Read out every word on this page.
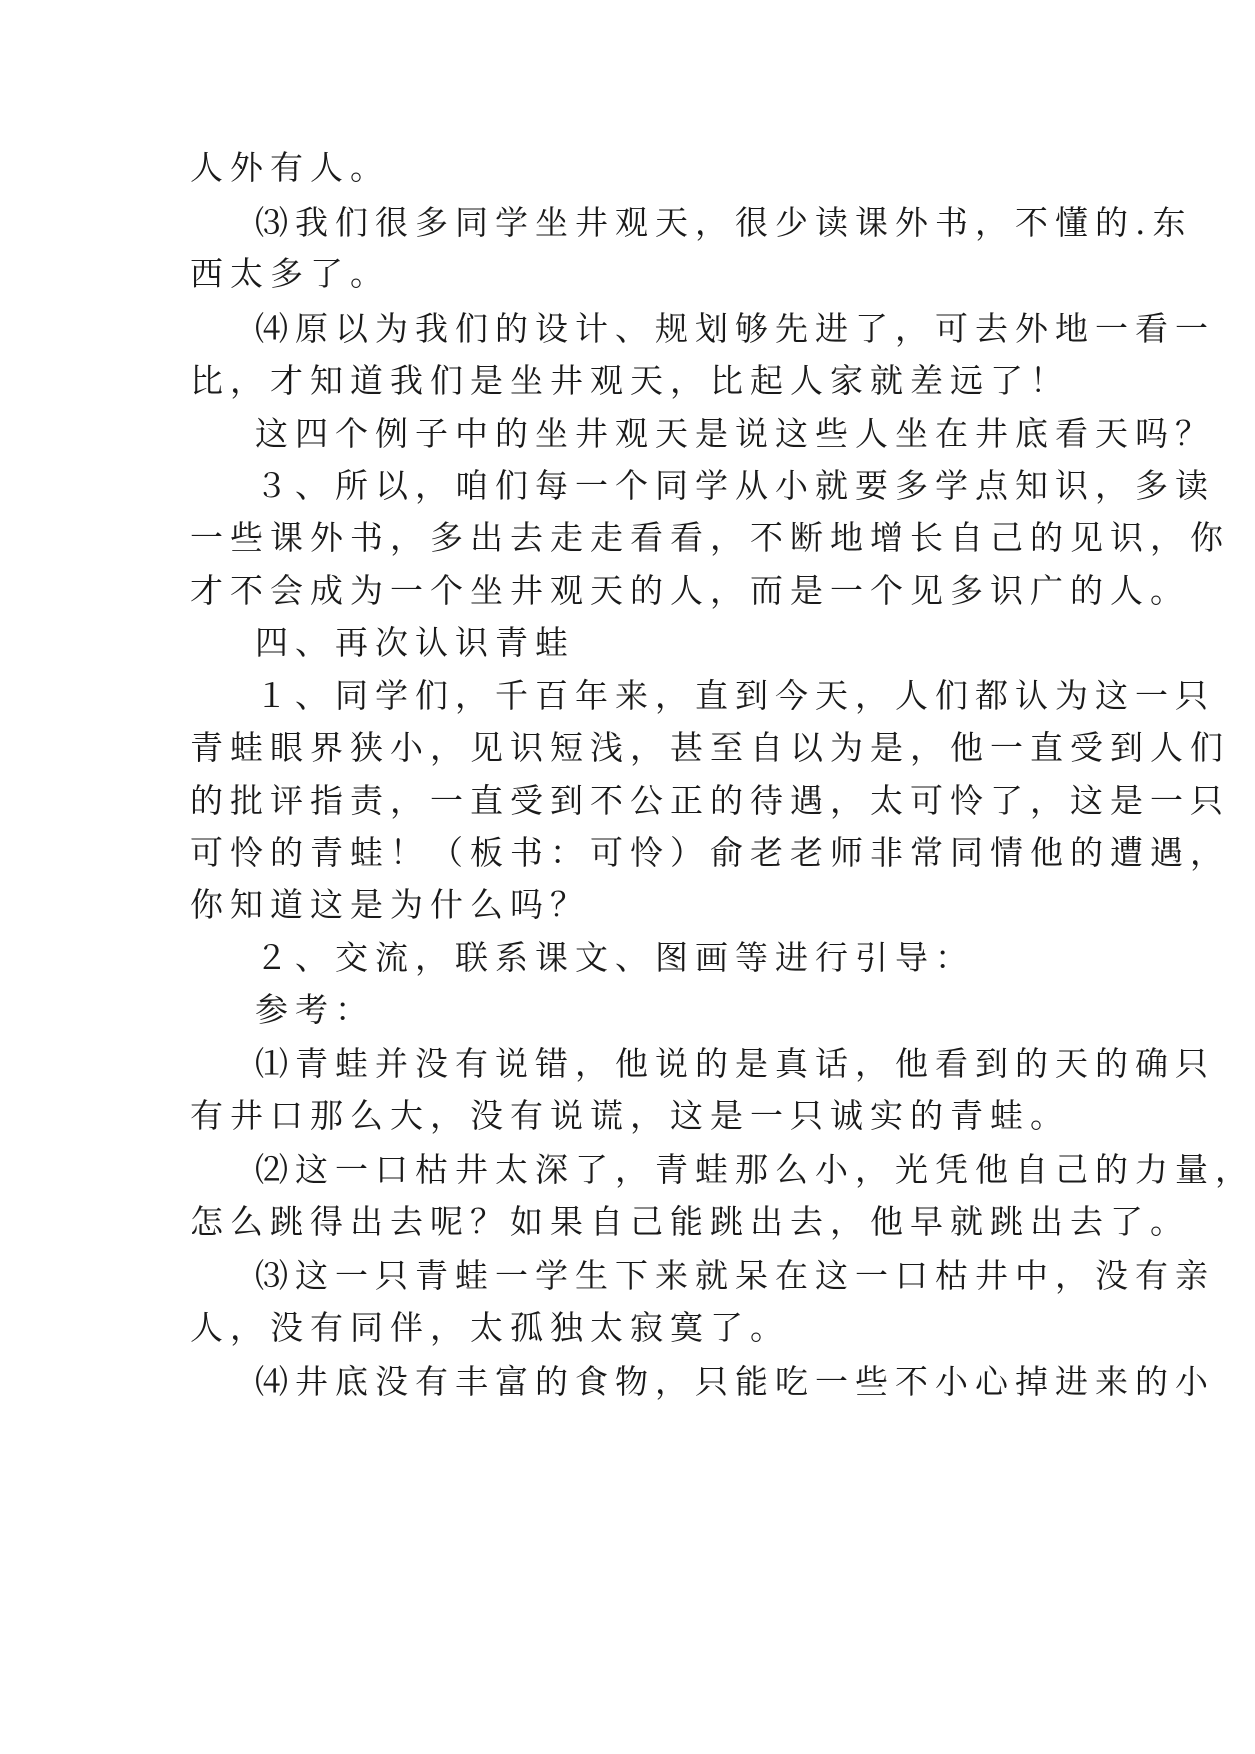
人外有人。
⑶我们很多同学坐井观天，很少读课外书，不懂的.东
西太多了。
⑷原以为我们的设计、规划够先进了，可去外地一看一
比，才知道我们是坐井观天，比起人家就差远了！
这四个例子中的坐井观天是说这些人坐在井底看天吗？
３、所以，咱们每一个同学从小就要多学点知识，多读
一些课外书，多出去走走看看，不断地增长自己的见识，你
才不会成为一个坐井观天的人，而是一个见多识广的人。
四、再次认识青蛙
１、同学们，千百年来，直到今天，人们都认为这一只
青蛙眼界狭小，见识短浅，甚至自以为是，他一直受到人们
的批评指责，一直受到不公正的待遇，太可怜了，这是一只
可怜的青蛙！（板书：可怜）俞老老师非常同情他的遭遇，
你知道这是为什么吗？
２、交流，联系课文、图画等进行引导：
参考：
⑴青蛙并没有说错，他说的是真话，他看到的天的确只
有井口那么大，没有说谎，这是一只诚实的青蛙。
⑵这一口枯井太深了，青蛙那么小，光凭他自己的力量，
怎么跳得出去呢？如果自己能跳出去，他早就跳出去了。
⑶这一只青蛙一学生下来就呆在这一口枯井中，没有亲
人，没有同伴，太孤独太寂寞了。
⑷井底没有丰富的食物，只能吃一些不小心掉进来的小
